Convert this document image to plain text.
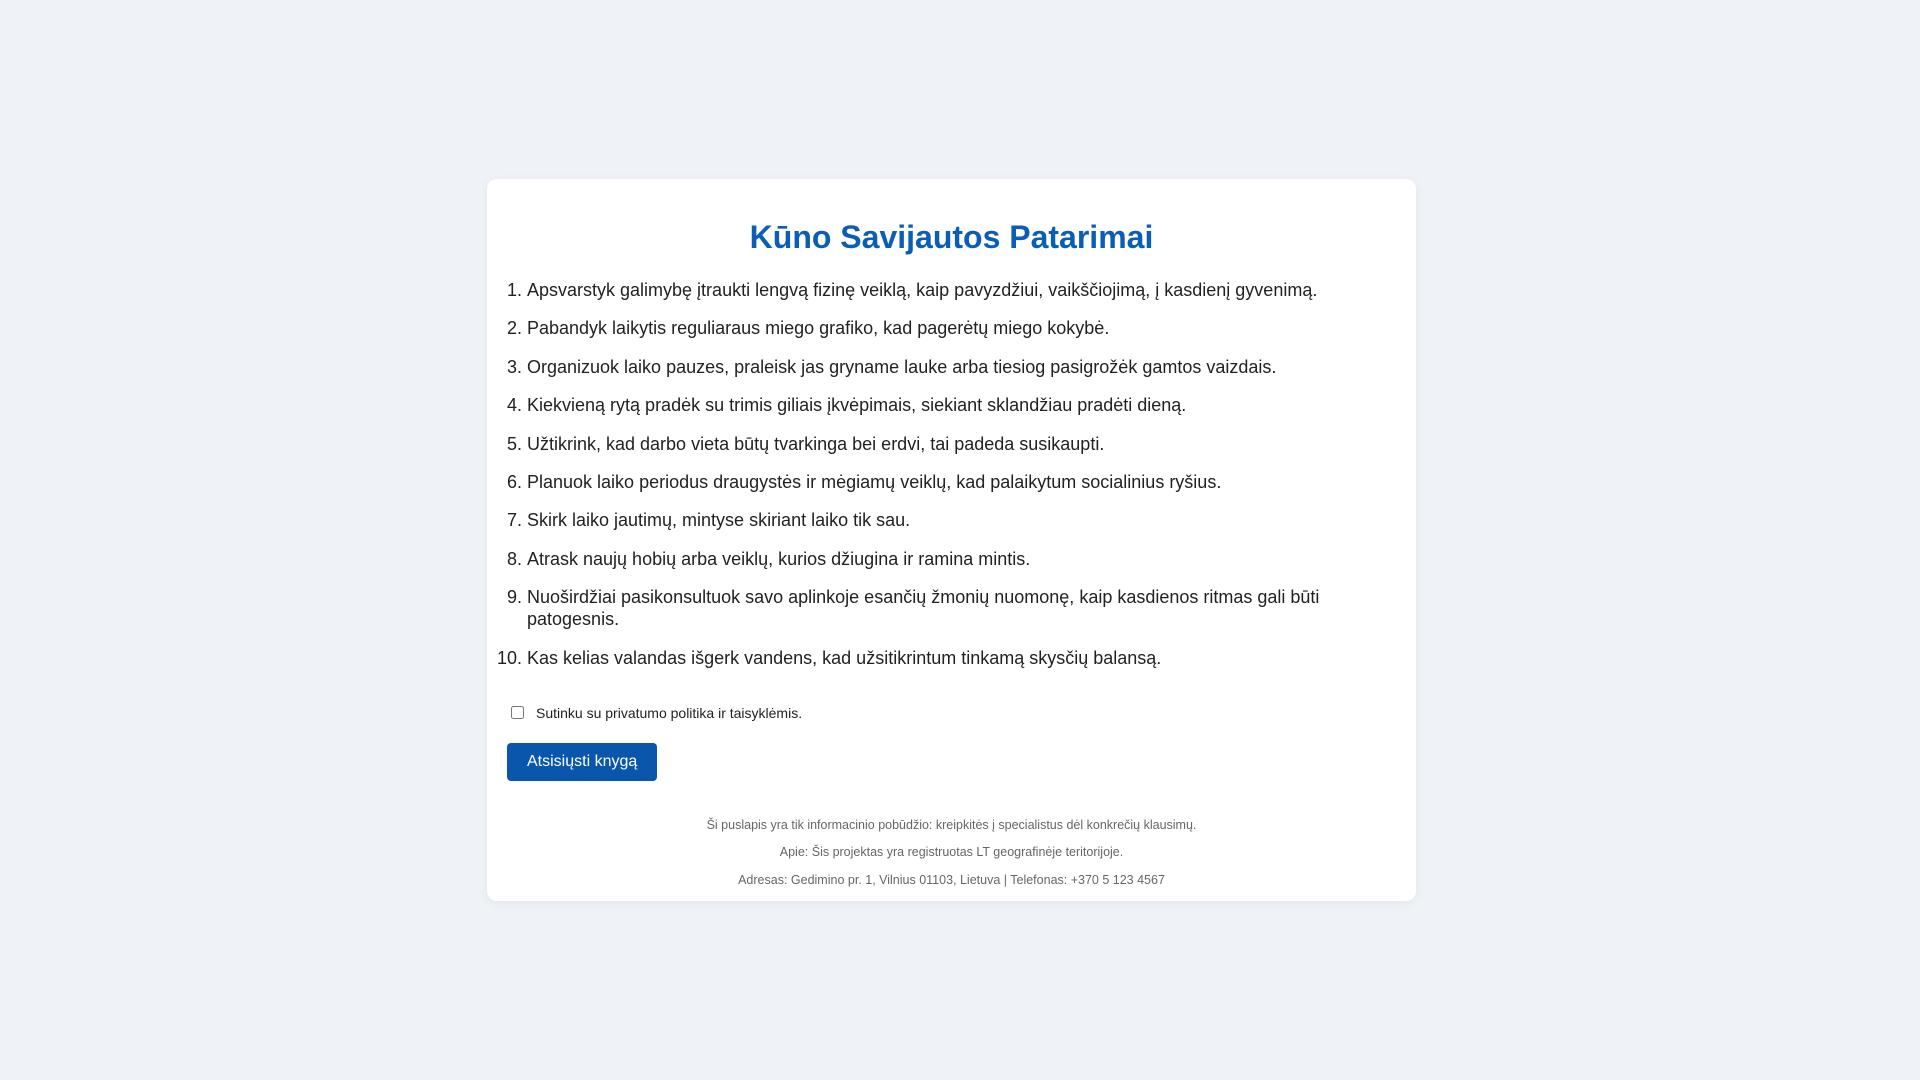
Kūno Savijautos Patarimai
1. Apsvarstyk galimybę įtraukti lengvą fizinę veiklą, kaip pavyzdžiui, vaikščiojimą, į kasdienį gyvenimą.
2. Pabandyk laikytis reguliaraus miego grafiko, kad pagerėtų miego kokybė.
3. Organizuok laiko pauzes, praleisk jas gryname lauke arba tiesiog pasigrožėk gamtos vaizdais.
4. Kiekvieną rytą pradėk su trimis giliais įkvėpimais, siekiant sklandžiau pradėti dieną.
5. Užtikrink, kad darbo vieta būtų tvarkinga bei erdvi, tai padeda susikaupti.
6. Planuok laiko periodus draugystės ir mėgiamų veiklų, kad palaikytum socialinius ryšius.
7. Skirk laiko jautimų, mintyse skiriant laiko tik sau.
8. Atrask naujų hobių arba veiklų, kurios džiugina ir ramina mintis.
9. Nuoširdžiai pasikonsultuok savo aplinkoje esančių žmonių nuomonę, kaip kasdienos ritmas gali būti patogesnis.
10. Kas kelias valandas išgerk vandens, kad užsitikrintum tinkamą skysčių balansą.
Sutinku su privatumo politika ir taisyklėmis.
Atsisiųsti knygą

Ši puslapis yra tik informacinio pobūdžio: kreipkitės į specialistus dėl konkrečių klausimų.

Apie: Šis projektas yra registruotas LT geografinėje teritorijoje.

Adresas: Gedimino pr. 1, Vilnius 01103, Lietuva | Telefonas: +370 5 123 4567
